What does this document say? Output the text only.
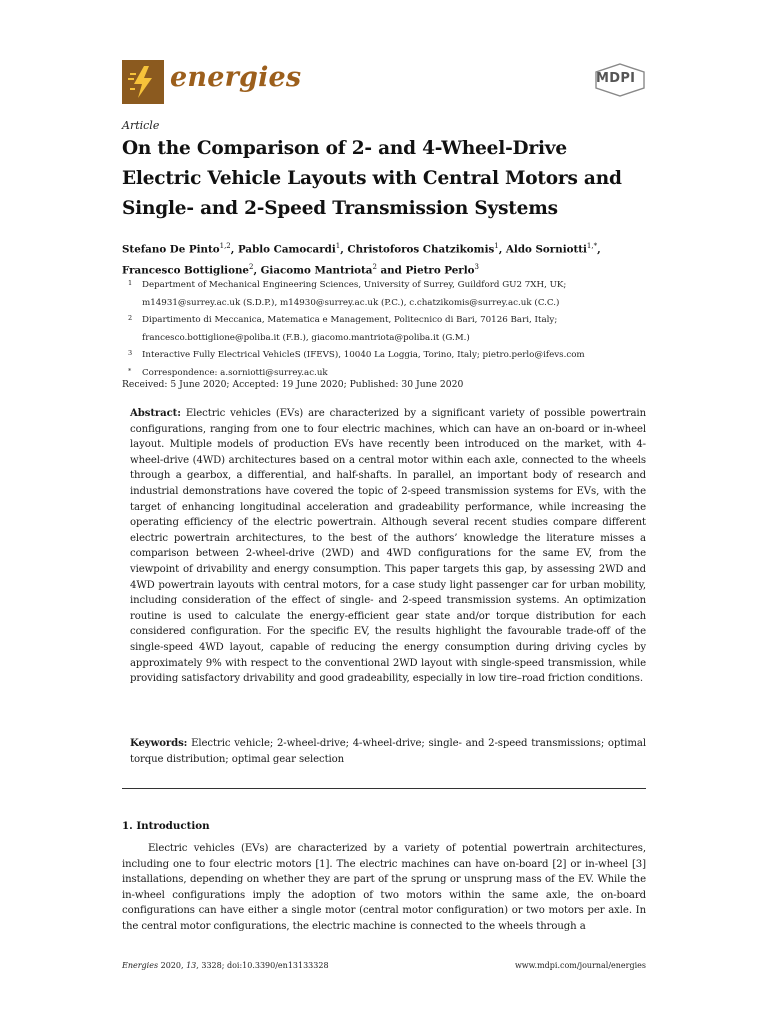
energies	MDPI
Article
On the Comparison of 2- and 4-Wheel-Drive Electric Vehicle Layouts with Central Motors and Single- and 2-Speed Transmission Systems
Stefano De Pinto$^{1,2}$, Pablo Camocardi$^1$, Christoforos Chatzikomis$^1$, Aldo Sorniotti$^{1,*}$,
Francesco Bottiglione$^2$, Giacomo Mantriota$^2$ and Pietro Perlo$^3$
1 Department of Mechanical Engineering Sciences, University of Surrey, Guildford GU2 7XH, UK;
m14931@surrey.ac.uk (S.D.P.), m14930@surrey.ac.uk (P.C.), c.chatzikomis@surrey.ac.uk (C.C.)
2 Dipartimento di Meccanica, Matematica e Management, Politecnico di Bari, 70126 Bari, Italy;
francesco.bottiglione@poliba.it (F.B.), giacomo.mantriota@poliba.it (G.M.)
3 Interactive Fully Electrical VehicleS (IFEVS), 10040 La Loggia, Torino, Italy; pietro.perlo@ifevs.com
* Correspondence: a.sorniotti@surrey.ac.uk
Received: 5 June 2020; Accepted: 19 June 2020; Published: 30 June 2020
Abstract: Electric vehicles (EVs) are characterized by a significant variety of possible powertrain configurations, ranging from one to four electric machines, which can have an on-board or in-wheel layout. Multiple models of production EVs have recently been introduced on the market, with 4-wheel-drive (4WD) architectures based on a central motor within each axle, connected to the wheels through a gearbox, a differential, and half-shafts. In parallel, an important body of research and industrial demonstrations have covered the topic of 2-speed transmission systems for EVs, with the target of enhancing longitudinal acceleration and gradeability performance, while increasing the operating efficiency of the electric powertrain. Although several recent studies compare different electric powertrain architectures, to the best of the authors’ knowledge the literature misses a comparison between 2-wheel-drive (2WD) and 4WD configurations for the same EV, from the viewpoint of drivability and energy consumption. This paper targets this gap, by assessing 2WD and 4WD powertrain layouts with central motors, for a case study light passenger car for urban mobility, including consideration of the effect of single- and 2-speed transmission systems. An optimization routine is used to calculate the energy-efficient gear state and/or torque distribution for each considered configuration. For the specific EV, the results highlight the favourable trade-off of the single-speed 4WD layout, capable of reducing the energy consumption during driving cycles by approximately 9% with respect to the conventional 2WD layout with single-speed transmission, while providing satisfactory drivability and good gradeability, especially in low tire–road friction conditions.
Keywords: Electric vehicle; 2-wheel-drive; 4-wheel-drive; single- and 2-speed transmissions; optimal torque distribution; optimal gear selection
1. Introduction
Electric vehicles (EVs) are characterized by a variety of potential powertrain architectures, including one to four electric motors [1]. The electric machines can have on-board [2] or in-wheel [3] installations, depending on whether they are part of the sprung or unsprung mass of the EV. While the in-wheel configurations imply the adoption of two motors within the same axle, the on-board configurations can have either a single motor (central motor configuration) or two motors per axle. In the central motor configurations, the electric machine is connected to the wheels through a
Energies 2020, 13, 3328; doi:10.3390/en13133328	www.mdpi.com/journal/energies
